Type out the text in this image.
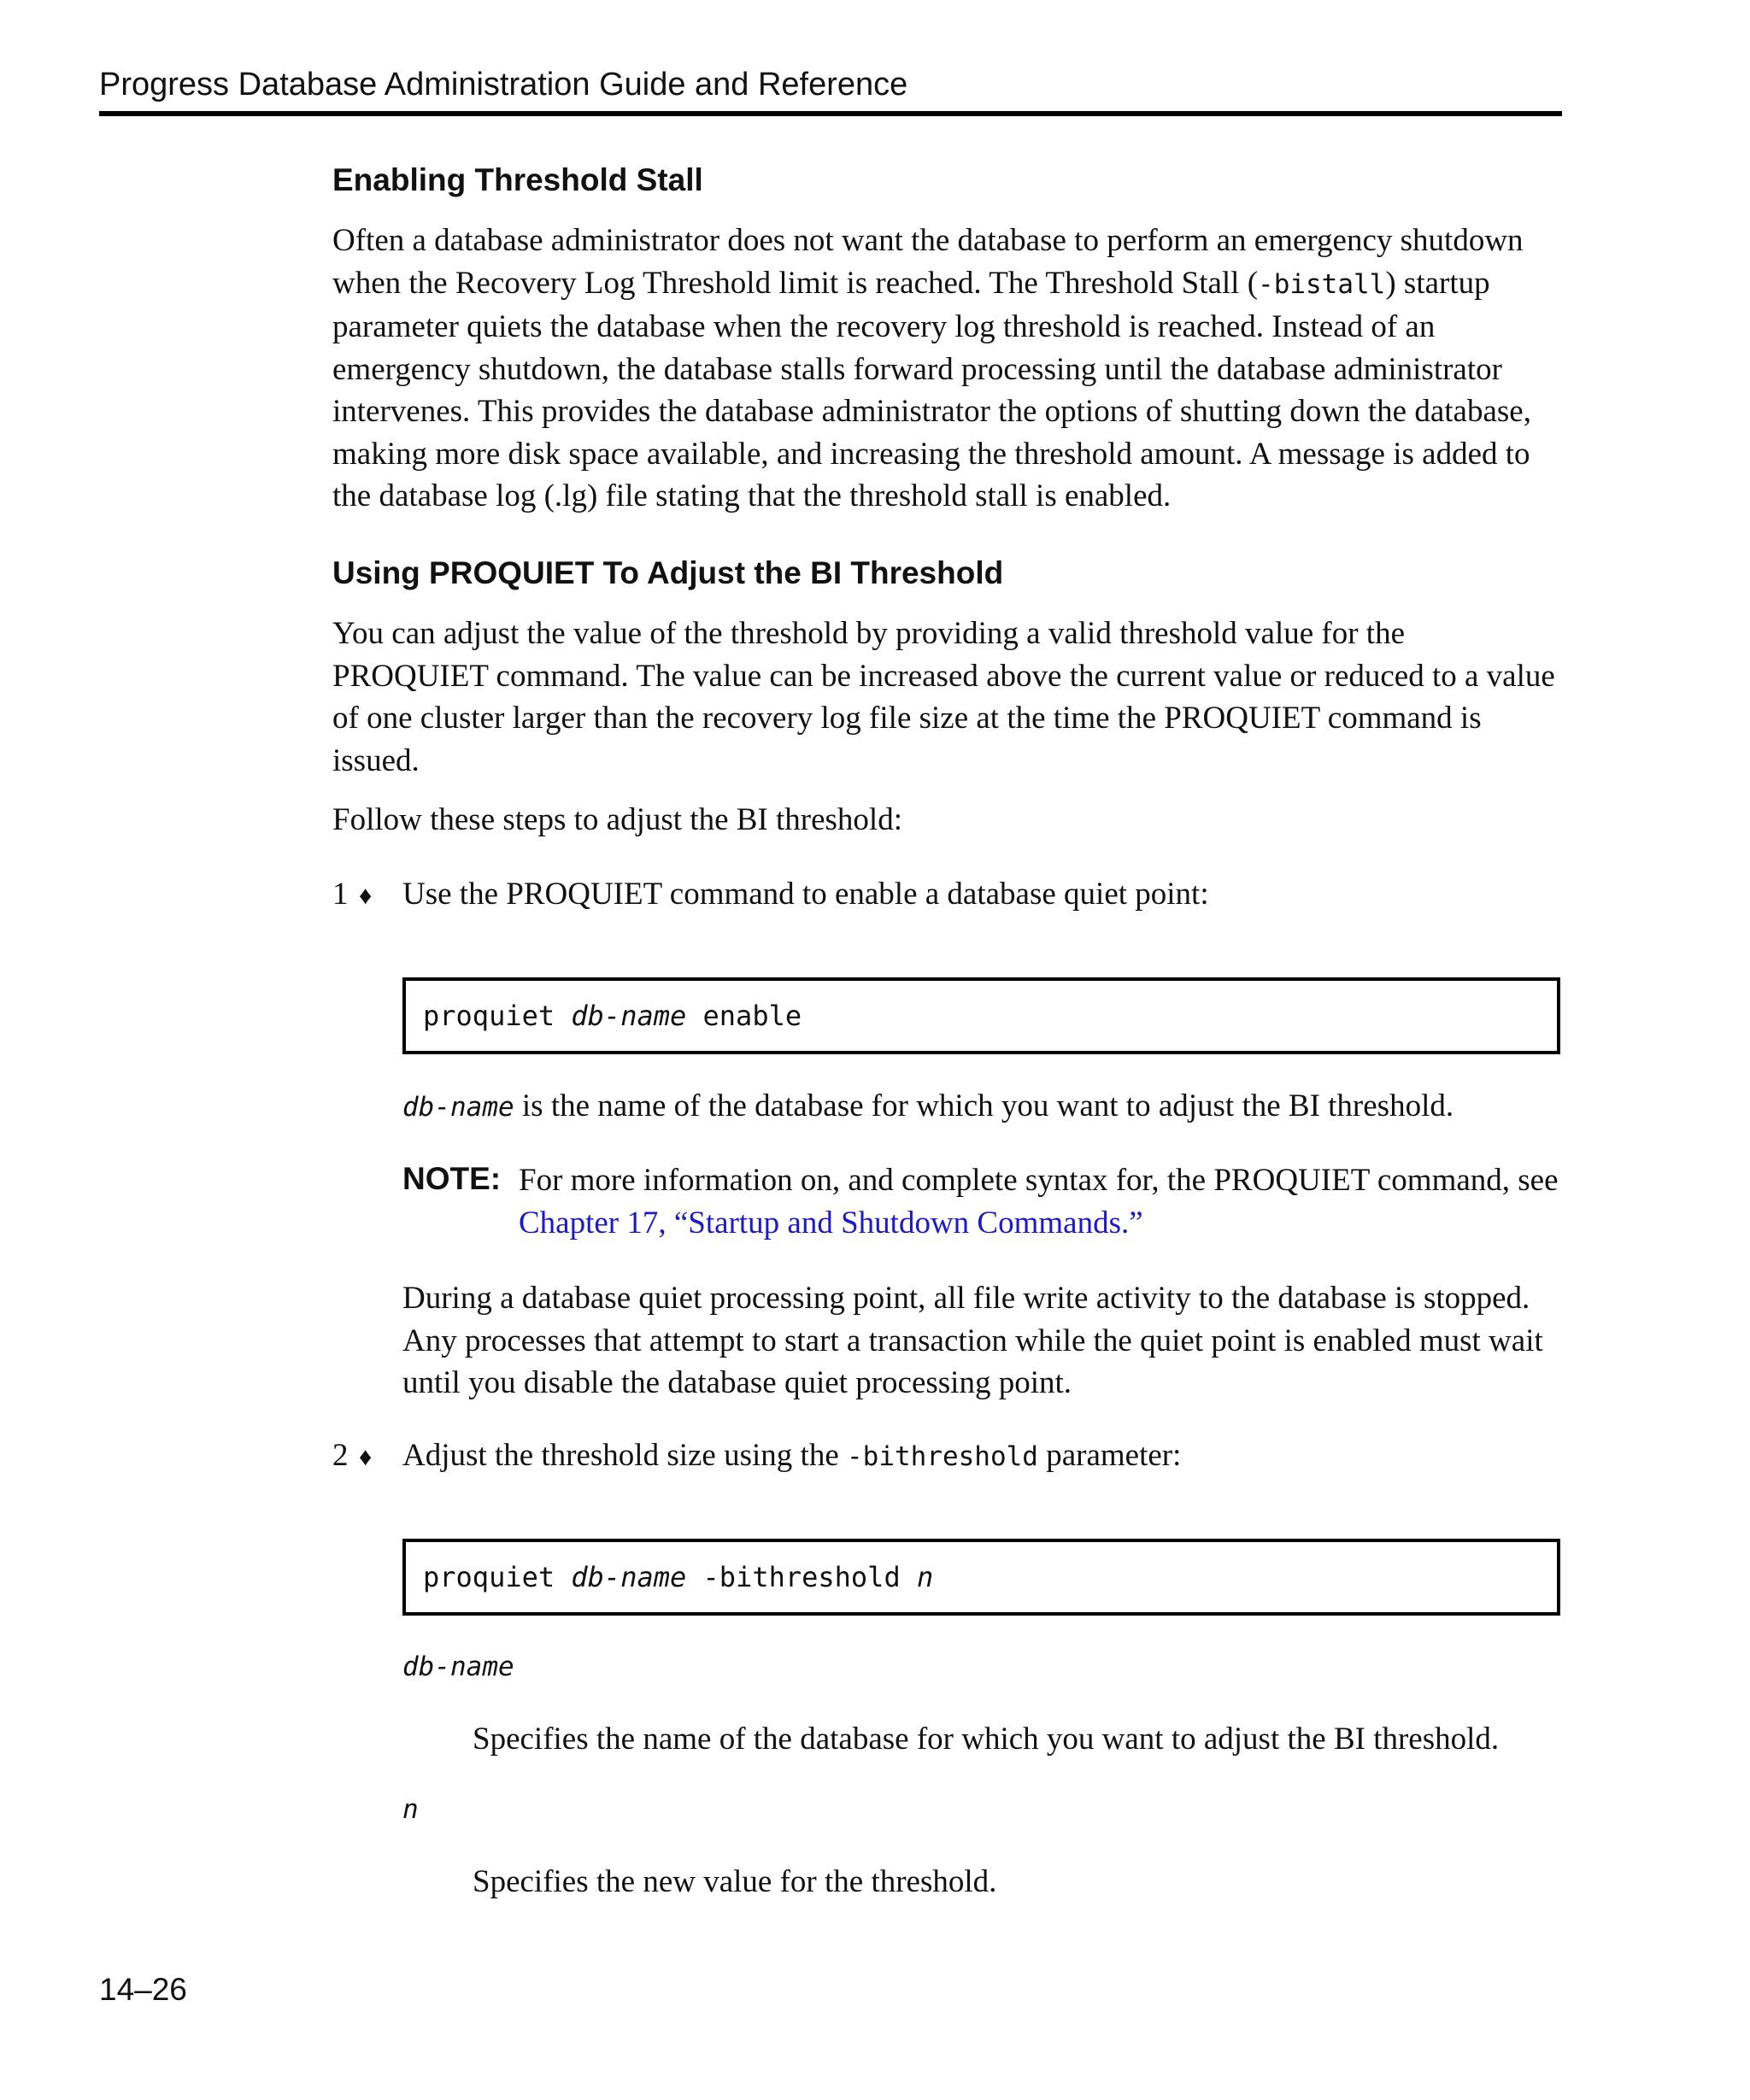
Progress Database Administration Guide and Reference
Enabling Threshold Stall
Often a database administrator does not want the database to perform an emergency shutdown when the Recovery Log Threshold limit is reached. The Threshold Stall (-bistall) startup parameter quiets the database when the recovery log threshold is reached. Instead of an emergency shutdown, the database stalls forward processing until the database administrator intervenes. This provides the database administrator the options of shutting down the database, making more disk space available, and increasing the threshold amount. A message is added to the database log (.lg) file stating that the threshold stall is enabled.
Using PROQUIET To Adjust the BI Threshold
You can adjust the value of the threshold by providing a valid threshold value for the PROQUIET command. The value can be increased above the current value or reduced to a value of one cluster larger than the recovery log file size at the time the PROQUIET command is issued.
Follow these steps to adjust the BI threshold:
1 ♦ Use the PROQUIET command to enable a database quiet point:
proquiet db-name enable
db-name is the name of the database for which you want to adjust the BI threshold.
NOTE: For more information on, and complete syntax for, the PROQUIET command, see Chapter 17, “Startup and Shutdown Commands.”
During a database quiet processing point, all file write activity to the database is stopped. Any processes that attempt to start a transaction while the quiet point is enabled must wait until you disable the database quiet processing point.
2 ♦ Adjust the threshold size using the -bithreshold parameter:
proquiet db-name -bithreshold n
db-name
Specifies the name of the database for which you want to adjust the BI threshold.
n
Specifies the new value for the threshold.
14–26
